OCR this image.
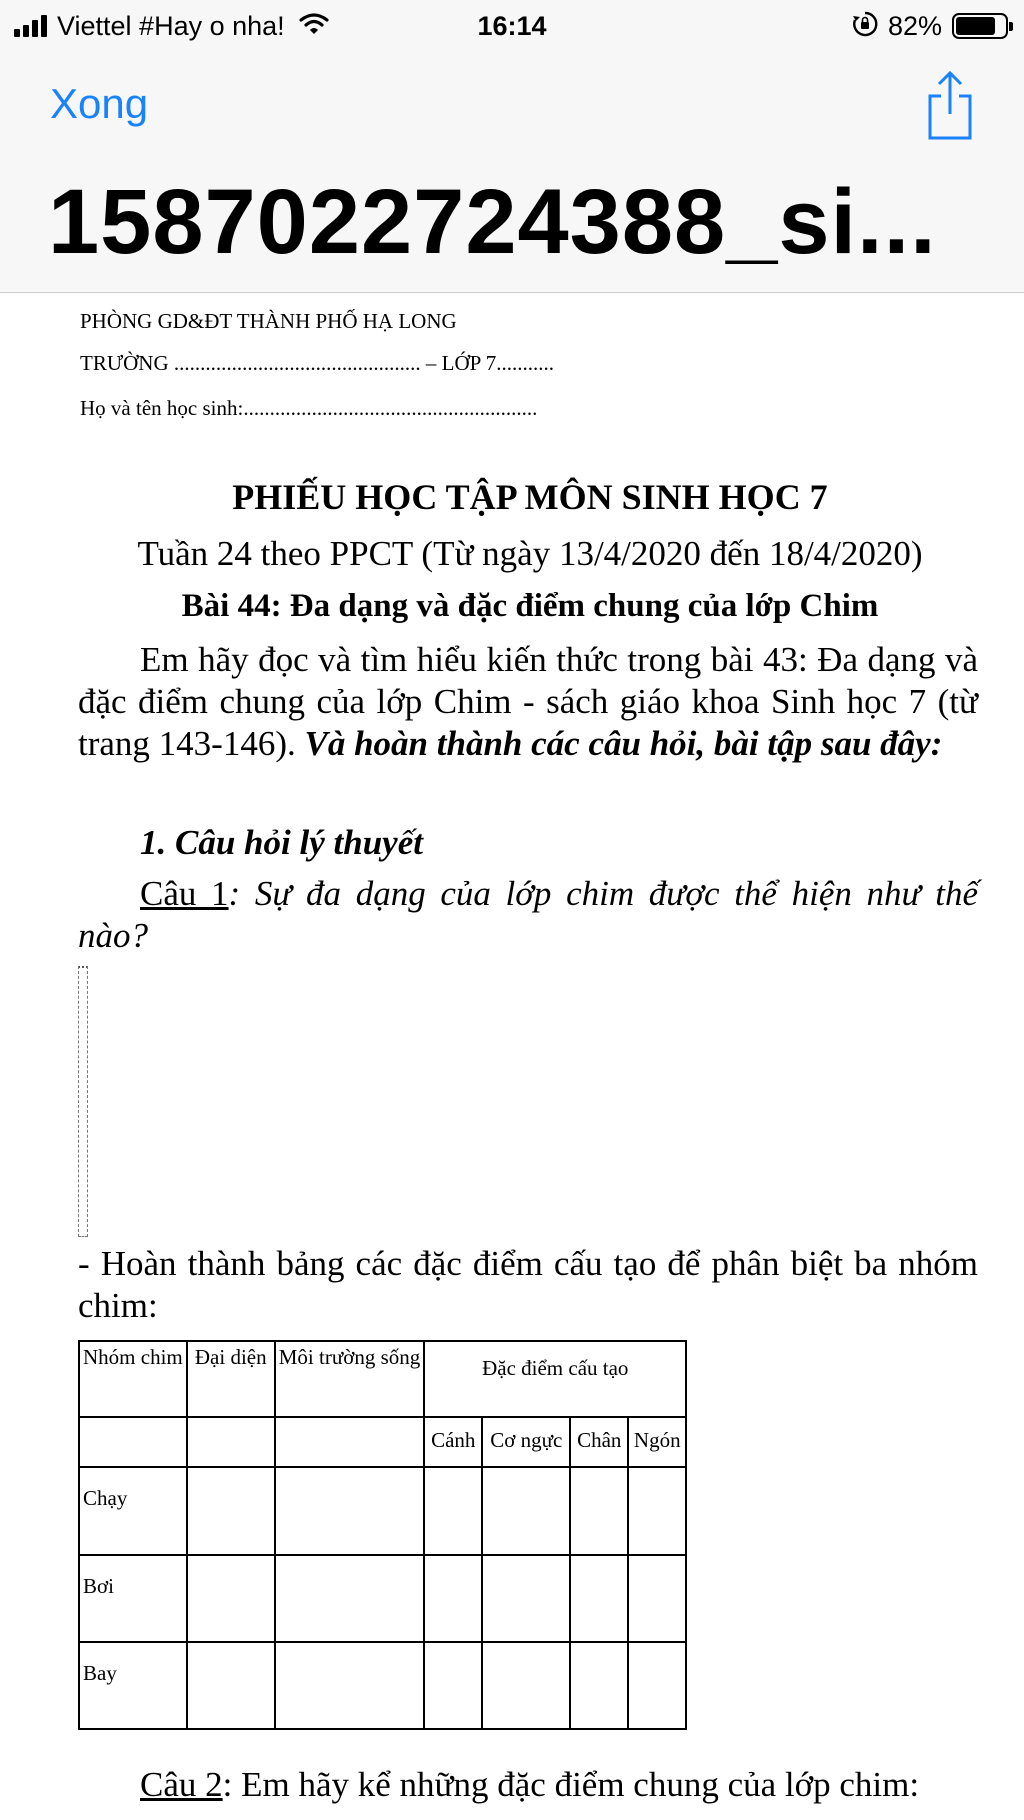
Viettel #Hay o nha!	16:14	82%
Xong
1587022724388_si...
PHÒNG GD&ĐT THÀNH PHỐ HẠ LONG
TRƯỜNG ............................................... – LỚP 7...........
Họ và tên học sinh:........................................................
PHIẾU HỌC TẬP MÔN SINH HỌC 7
Tuần 24 theo PPCT (Từ ngày 13/4/2020 đến 18/4/2020)
Bài 44: Đa dạng và đặc điểm chung của lớp Chim
Em hãy đọc và tìm hiểu kiến thức trong bài 43: Đa dạng và đặc điểm chung của lớp Chim - sách giáo khoa Sinh học 7 (từ trang 143-146). Và hoàn thành các câu hỏi, bài tập sau đây:
1. Câu hỏi lý thuyết
Câu 1: Sự đa dạng của lớp chim được thể hiện như thế nào?
- Hoàn thành bảng các đặc điểm cấu tạo để phân biệt ba nhóm chim:
Nhóm chim	Đại diện	Môi trường sống	Đặc điểm cấu tạo			
			Cánh	Cơ ngực	Chân	Ngón
Chạy						
Bơi						
Bay						
Câu 2: Em hãy kể những đặc điểm chung của lớp chim:
